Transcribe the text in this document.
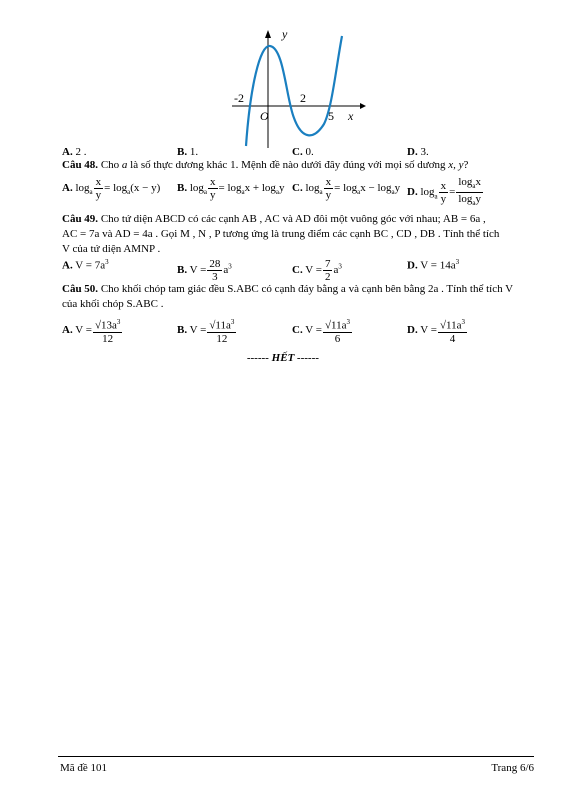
y
x
O
-2	2
5
A. 2 .	B. 1.	C. 0.	D. 3.
Câu 48. Cho a là số thực dương khác 1. Mệnh đề nào dưới đây đúng với mọi số dương x, y?
A. $\log_a \frac{x}{y} = \log_a(x - y)$	B. $\log_a \frac{x}{y} = \log_ax + \log_ay$ C. $\log_a \frac{x}{y} = \log_ax - \log_ay$ D. $\log_a \frac{x}{y} = \frac{\log_ax}{\log_ay}$
Câu 49. Cho tứ diện ABCD có các cạnh AB , AC và AD đôi một vuông góc với nhau; AB = 6a ,
AC = 7a và AD = 4a . Gọi M , N , P tương ứng là trung điểm các cạnh BC , CD , DB . Tính thể tích
V của tứ diện AMNP .
A. $V = 7a^3$
B. $V = \frac{28}{3} a^3$	C. $V = \frac{7}{2} a^3$	D. $V = 14a^3$
Câu 50. Cho khối chóp tam giác đều S.ABC có cạnh đáy bằng a và cạnh bên bằng 2a . Tính thể tích V
của khối chóp S.ABC .
A. $V = \frac{√13a^3}{12}$	B. $V = \frac{√11a^3}{12}$	C. $V = \frac{√11a^3}{6}$	D. $V = \frac{√11a^3}{4}$
------ HẾT ------
Mã đề 101	Trang 6/6
